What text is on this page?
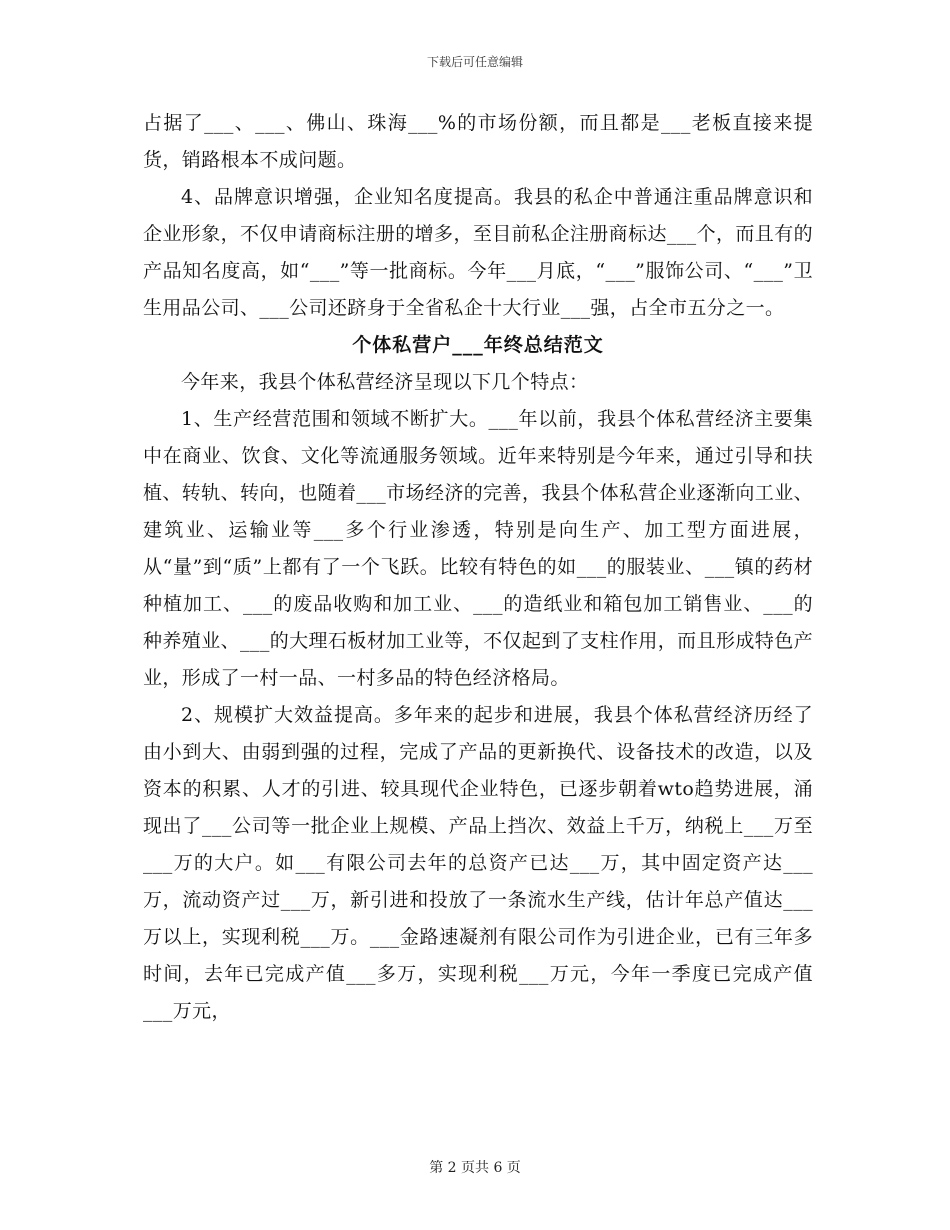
下载后可任意编辑

占据了___、___、佛山、珠海___%的市场份额，而且都是___老板直接来提货，销路根本不成问题。

4、品牌意识增强，企业知名度提高。我县的私企中普通注重品牌意识和企业形象，不仅申请商标注册的增多，至目前私企注册商标达___个，而且有的产品知名度高，如“___”等一批商标。今年___月底，“___”服饰公司、“___”卫生用品公司、___公司还跻身于全省私企十大行业___强，占全市五分之一。

个体私营户___年终总结范文

今年来，我县个体私营经济呈现以下几个特点：

1、生产经营范围和领域不断扩大。___年以前，我县个体私营经济主要集中在商业、饮食、文化等流通服务领域。近年来特别是今年来，通过引导和扶植、转轨、转向，也随着___市场经济的完善，我县个体私营企业逐渐向工业、建筑业、运输业等___多个行业渗透，特别是向生产、加工型方面进展，从“量”到“质”上都有了一个飞跃。比较有特色的如___的服装业、___镇的药材种植加工、___的废品收购和加工业、___的造纸业和箱包加工销售业、___的种养殖业、___的大理石板材加工业等，不仅起到了支柱作用，而且形成特色产业，形成了一村一品、一村多品的特色经济格局。

2、规模扩大效益提高。多年来的起步和进展，我县个体私营经济历经了由小到大、由弱到强的过程，完成了产品的更新换代、设备技术的改造，以及资本的积累、人才的引进、较具现代企业特色，已逐步朝着wto趋势进展，涌现出了___公司等一批企业上规模、产品上挡次、效益上千万，纳税上___万至___万的大户。如___有限公司去年的总资产已达___万，其中固定资产达___万，流动资产过___万，新引进和投放了一条流水生产线，估计年总产值达___万以上，实现利税___万。___金路速凝剂有限公司作为引进企业，已有三年多时间，去年已完成产值___多万，实现利税___万元，今年一季度已完成产值___万元，

第 2 页共 6 页
